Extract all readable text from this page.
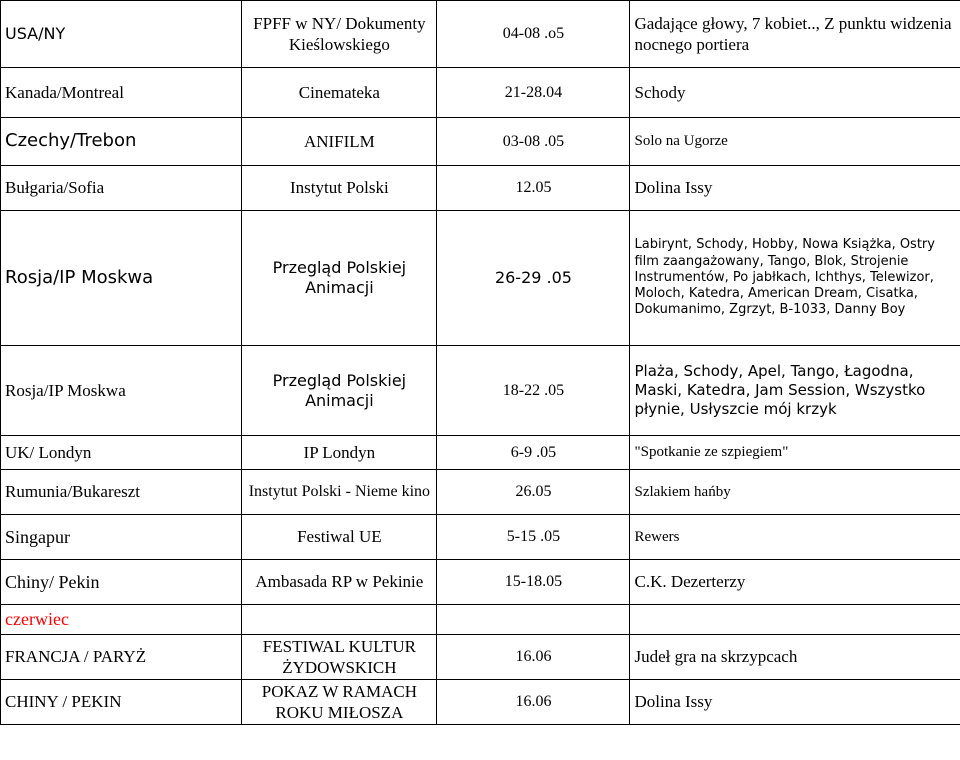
USA/NY	FPFF w NY/ Dokumenty Kieślowskiego	04-08 .o5	Gadające głowy, 7 kobiet.., Z punktu widzenia nocnego portiera
Kanada/Montreal	Cinemateka	21-28.04	Schody
Czechy/Trebon	ANIFILM	03-08 .05	Solo na Ugorze
Bułgaria/Sofia	Instytut Polski	12.05	Dolina Issy
Rosja/IP Moskwa	Przegląd Polskiej Animacji	26-29 .05	Labirynt, Schody, Hobby, Nowa Książka, Ostry film zaangażowany, Tango, Blok, Strojenie Instrumentów, Po jabłkach, Ichthys, Telewizor, Moloch, Katedra, American Dream, Cisatka, Dokumanimo, Zgrzyt, B-1033, Danny Boy
Rosja/IP Moskwa	Przegląd Polskiej Animacji	18-22 .05	Plaża, Schody, Apel, Tango, Łagodna, Maski, Katedra, Jam Session, Wszystko płynie, Usłyszcie mój krzyk
UK/ Londyn	IP Londyn	6-9 .05	"Spotkanie ze szpiegiem"
Rumunia/Bukareszt	Instytut Polski - Nieme kino	26.05	Szlakiem hańby
Singapur	Festiwal UE	5-15 .05	Rewers
Chiny/ Pekin	Ambasada RP w Pekinie	15-18.05	C.K. Dezerterzy
czerwiec			
FRANCJA / PARYŻ	FESTIWAL KULTUR ŻYDOWSKICH	16.06	Judeł gra na skrzypcach
CHINY / PEKIN	POKAZ W RAMACH ROKU MIŁOSZA	16.06	Dolina Issy
